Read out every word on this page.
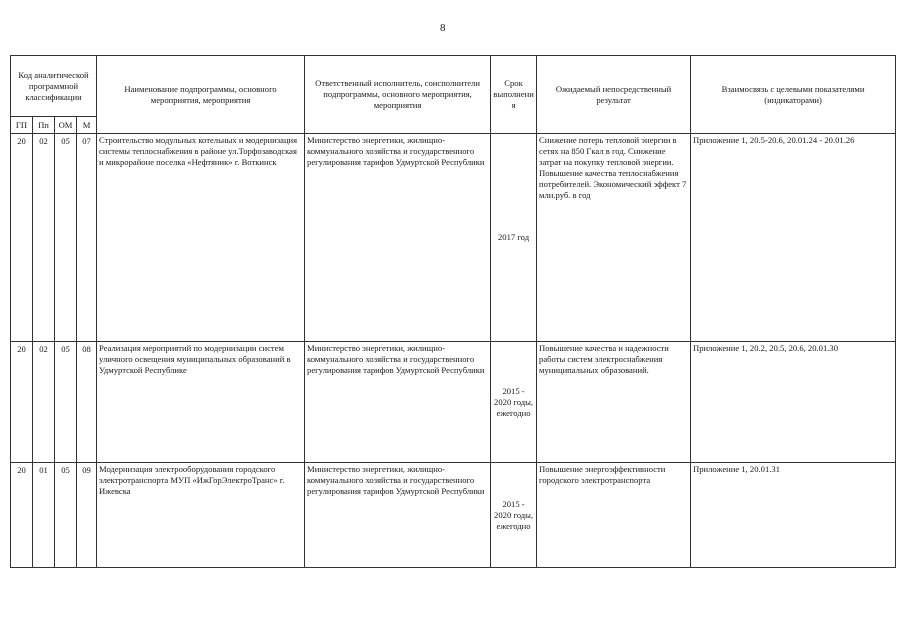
8
Код аналитической программной классификации				Наименование подпрограммы, основного мероприятия, мероприятия	Ответственный исполнитель, соисполнители подпрограммы, основного мероприятия, мероприятия	Срок выполнения	Ожидаемый непосредственный результат	Взаимосвязь с целевыми показателями (индикаторами)
ГП	Пп	ОМ	М					
20	02	05	07	Строительство модульных котельных и модернизация системы теплоснабжения в районе ул.Торфозаводская и микрорайоне поселка «Нефтяник» г. Воткинск	Министерство энергетики, жилищно-коммунального хозяйства и государственного регулирования тарифов Удмуртской Республики	2017 год	Снижение потерь тепловой энергии в сетях на 850 Гкал в год. Снижение затрат на покупку тепловой энергии. Повышение качества теплоснабжения потребителей. Экономический эффект 7 млн.руб. в год	Приложение 1, 20.5-20.6, 20.01.24 - 20.01.26
20	02	05	08	Реализация мероприятий по модернизации систем уличного освещения муниципальных образований в Удмуртской Республике	Министерство энергетики, жилищно-коммунального хозяйства и государственного регулирования тарифов Удмуртской Республики	2015 - 2020 годы, ежегодно	Повышение качества и надежности работы систем электроснабжения муниципальных образований.	Приложение 1, 20.2, 20.5, 20.6, 20.01.30
20	01	05	09	Модернизация электрооборудования городского электротранспорта МУП «ИжГорЭлектроТранс» г. Ижевска	Министерство энергетики, жилищно-коммунального хозяйства и государственного регулирования тарифов Удмуртской Республики	2015 - 2020 годы, ежегодно	Повышение энергоэффективности городского электротранспорта	Приложение 1, 20.01.31
